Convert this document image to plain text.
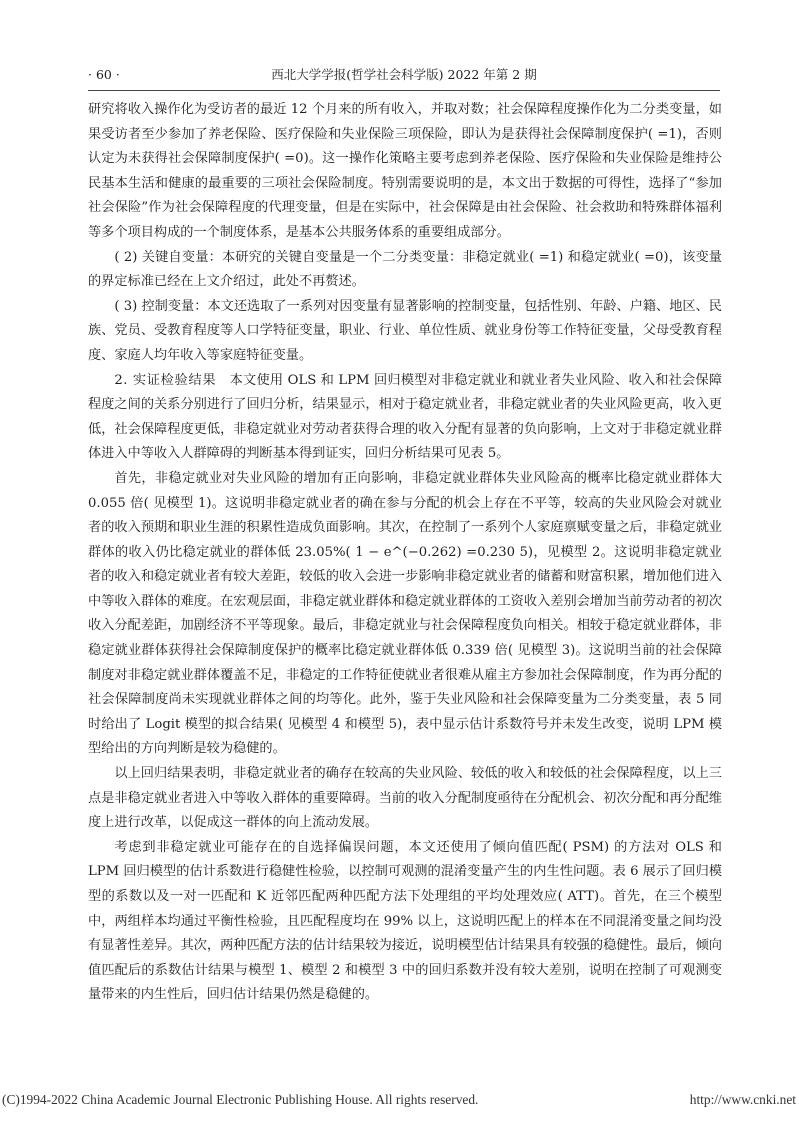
· 60 ·	西北大学学报(哲学社会科学版) 2022 年第 2 期

研究将收入操作化为受访者的最近 12 个月来的所有收入，并取对数；社会保障程度操作化为二分类变量，如果受访者至少参加了养老保险、医疗保险和失业保险三项保险，即认为是获得社会保障制度保护( =1)，否则认定为未获得社会保障制度保护( =0)。这一操作化策略主要考虑到养老保险、医疗保险和失业保险是维持公民基本生活和健康的最重要的三项社会保险制度。特别需要说明的是，本文出于数据的可得性，选择了“参加社会保险”作为社会保障程度的代理变量，但是在实际中，社会保障是由社会保险、社会救助和特殊群体福利等多个项目构成的一个制度体系，是基本公共服务体系的重要组成部分。

( 2) 关键自变量：本研究的关键自变量是一个二分类变量：非稳定就业( =1) 和稳定就业( =0)，该变量的界定标准已经在上文介绍过，此处不再赘述。

( 3) 控制变量：本文还选取了一系列对因变量有显著影响的控制变量，包括性别、年龄、户籍、地区、民族、党员、受教育程度等人口学特征变量，职业、行业、单位性质、就业身份等工作特征变量，父母受教育程度、家庭人均年收入等家庭特征变量。

2. 实证检验结果　 本文使用 OLS 和 LPM 回归模型对非稳定就业和就业者失业风险、收入和社会保障程度之间的关系分别进行了回归分析，结果显示，相对于稳定就业者，非稳定就业者的失业风险更高，收入更低，社会保障程度更低，非稳定就业对劳动者获得合理的收入分配有显著的负向影响，上文对于非稳定就业群体进入中等收入人群障碍的判断基本得到证实，回归分析结果可见表 5。

首先，非稳定就业对失业风险的增加有正向影响，非稳定就业群体失业风险高的概率比稳定就业群体大 0.055 倍( 见模型 1)。这说明非稳定就业者的确在参与分配的机会上存在不平等，较高的失业风险会对就业者的收入预期和职业生涯的积累性造成负面影响。其次，在控制了一系列个人家庭禀赋变量之后，非稳定就业群体的收入仍比稳定就业的群体低 23.05%( 1 − e^(−0.262) =0.230 5)，见模型 2。这说明非稳定就业者的收入和稳定就业者有较大差距，较低的收入会进一步影响非稳定就业者的储蓄和财富积累，增加他们进入中等收入群体的难度。在宏观层面，非稳定就业群体和稳定就业群体的工资收入差别会增加当前劳动者的初次收入分配差距，加剧经济不平等现象。最后，非稳定就业与社会保障程度负向相关。相较于稳定就业群体，非稳定就业群体获得社会保障制度保护的概率比稳定就业群体低 0.339 倍( 见模型 3)。这说明当前的社会保障制度对非稳定就业群体覆盖不足，非稳定的工作特征使就业者很难从雇主方参加社会保障制度，作为再分配的社会保障制度尚未实现就业群体之间的均等化。此外，鉴于失业风险和社会保障变量为二分类变量，表 5 同时给出了 Logit 模型的拟合结果( 见模型 4 和模型 5)，表中显示估计系数符号并未发生改变，说明 LPM 模型给出的方向判断是较为稳健的。

以上回归结果表明，非稳定就业者的确存在较高的失业风险、较低的收入和较低的社会保障程度，以上三点是非稳定就业者进入中等收入群体的重要障碍。当前的收入分配制度亟待在分配机会、初次分配和再分配维度上进行改革，以促成这一群体的向上流动发展。

考虑到非稳定就业可能存在的自选择偏误问题，本文还使用了倾向值匹配( PSM) 的方法对 OLS 和 LPM 回归模型的估计系数进行稳健性检验，以控制可观测的混淆变量产生的内生性问题。表 6 展示了回归模型的系数以及一对一匹配和 K 近邻匹配两种匹配方法下处理组的平均处理效应( ATT)。首先，在三个模型中，两组样本均通过平衡性检验，且匹配程度均在 99% 以上，这说明匹配上的样本在不同混淆变量之间均没有显著性差异。其次，两种匹配方法的估计结果较为接近，说明模型估计结果具有较强的稳健性。最后，倾向值匹配后的系数估计结果与模型 1、模型 2 和模型 3 中的回归系数并没有较大差别，说明在控制了可观测变量带来的内生性后，回归估计结果仍然是稳健的。

(C)1994-2022 China Academic Journal Electronic Publishing House. All rights reserved.	http://www.cnki.net
